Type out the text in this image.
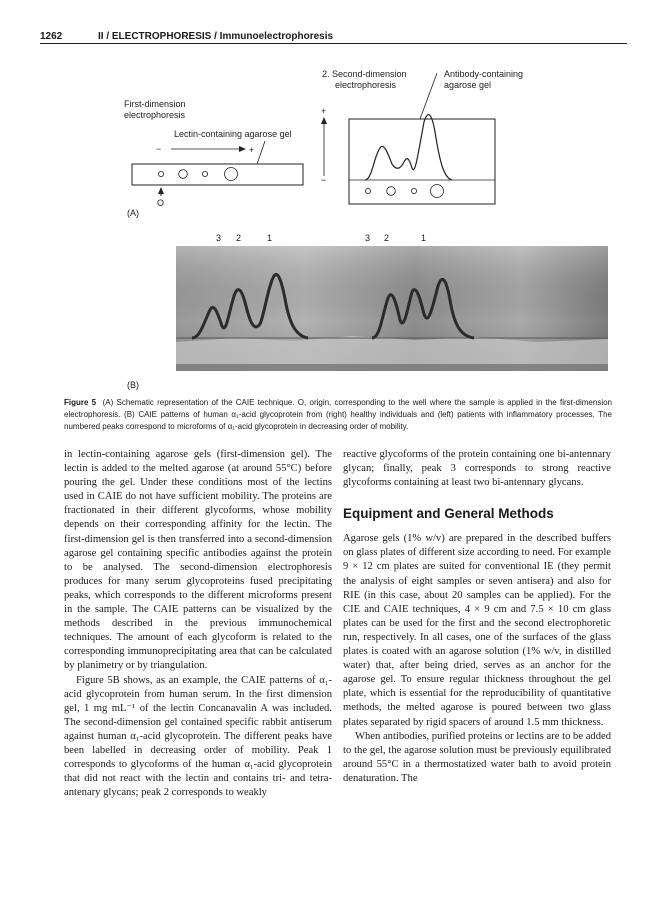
1262	II / ELECTROPHORESIS / Immunoelectrophoresis
First-dimension
electrophoresis
Lectin-containing agarose gel
−	+
O
2. Second-dimension
electrophoresis
Antibody-containing
agarose gel
+
−
(A)
3 2	1	3 2	1
(B)
Figure 5 (A) Schematic representation of the CAIE technique. O, origin, corresponding to the well where the sample is applied in the first-dimension electrophoresis. (B) CAIE patterns of human α₁-acid glycoprotein from (right) healthy individuals and (left) patients with inflammatory processes. The numbered peaks correspond to microforms of α₁-acid glycoprotein in decreasing order of mobility.

in lectin-containing agarose gels (first-dimension gel). The lectin is added to the melted agarose (at around 55°C) before pouring the gel. Under these conditions most of the lectins used in CAIE do not have sufficient mobility. The proteins are fractionated in their different glycoforms, whose mobility depends on their corresponding affinity for the lectin. The first-dimension gel is then transferred into a second-dimension agarose gel containing specific antibodies against the protein to be analysed. The second-dimension electrophoresis produces for many serum glycoproteins fused precipitating peaks, which corresponds to the different microforms present in the sample. The CAIE patterns can be visualized by the methods described in the previous immunochemical techniques. The amount of each glycoform is related to the corresponding immunoprecipitating area that can be calculated by planimetry or by triangulation.

Figure 5B shows, as an example, the CAIE patterns of α₁-acid glycoprotein from human serum. In the first dimension gel, 1 mg mL⁻¹ of the lectin Concanavalin A was included. The second-dimension gel contained specific rabbit antiserum against human α₁-acid glycoprotein. The different peaks have been labelled in decreasing order of mobility. Peak 1 corresponds to glycoforms of the human α₁-acid glycoprotein that did not react with the lectin and contains tri- and tetra-antenary glycans; peak 2 corresponds to weakly

reactive glycoforms of the protein containing one bi-antennary glycan; finally, peak 3 corresponds to strong reactive glycoforms containing at least two bi-antennary glycans.

Equipment and General Methods

Agarose gels (1% w/v) are prepared in the described buffers on glass plates of different size according to need. For example 9 × 12 cm plates are suited for conventional IE (they permit the analysis of eight samples or seven antisera) and also for RIE (in this case, about 20 samples can be applied). For the CIE and CAIE techniques, 4 × 9 cm and 7.5 × 10 cm glass plates can be used for the first and the second electrophoretic run, respectively. In all cases, one of the surfaces of the glass plates is coated with an agarose solution (1% w/v, in distilled water) that, after being dried, serves as an anchor for the agarose gel. To ensure regular thickness throughout the gel plate, which is essential for the reproducibility of quantitative methods, the melted agarose is poured between two glass plates separated by rigid spacers of around 1.5 mm thickness.

When antibodies, purified proteins or lectins are to be added to the gel, the agarose solution must be previously equilibrated around 55°C in a thermostatized water bath to avoid protein denaturation. The
